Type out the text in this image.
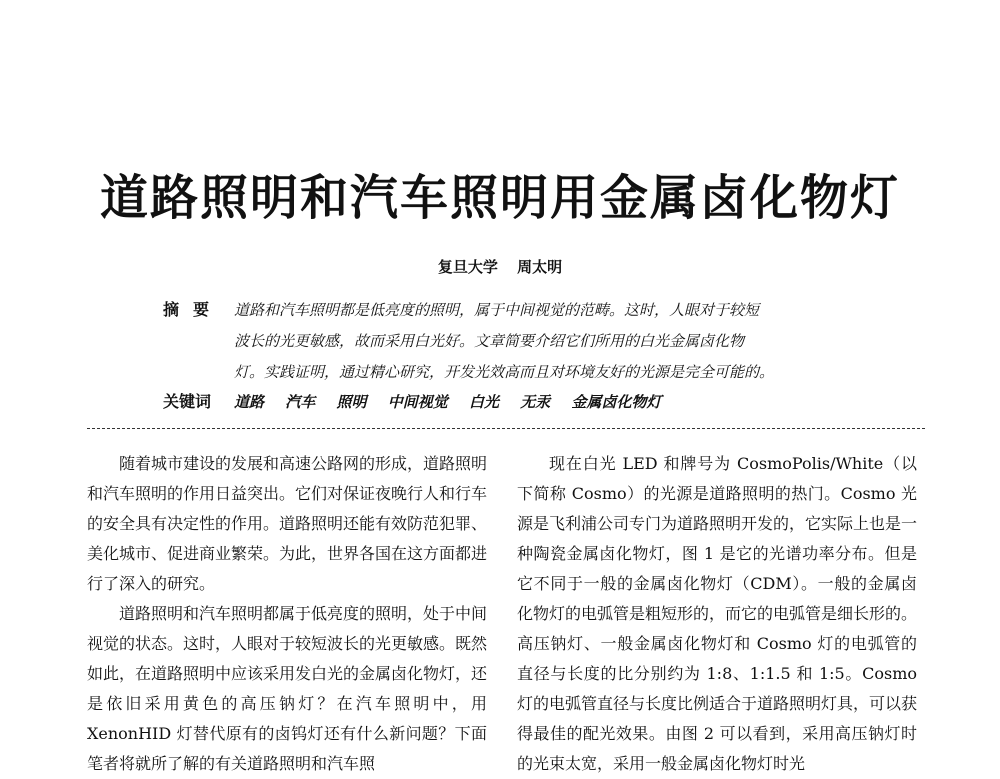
道路照明和汽车照明用金属卤化物灯
复旦大学 周太明
摘要 道路和汽车照明都是低亮度的照明，属于中间视觉的范畴。这时，人眼对于较短
波长的光更敏感，故而采用白光好。文章简要介绍它们所用的白光金属卤化物
灯。实践证明，通过精心研究，开发光效高而且对环境友好的光源是完全可能的。
关键词 道路 汽车 照明 中间视觉 白光 无汞 金属卤化物灯

随着城市建设的发展和高速公路网的形成，道路照明和汽车照明的作用日益突出。它们对保证夜晚行人和行车的安全具有决定性的作用。道路照明还能有效防范犯罪、美化城市、促进商业繁荣。为此，世界各国在这方面都进行了深入的研究。

道路照明和汽车照明都属于低亮度的照明，处于中间视觉的状态。这时，人眼对于较短波长的光更敏感。既然如此，在道路照明中应该采用发白光的金属卤化物灯，还是依旧采用黄色的高压钠灯？在汽车照明中，用 XenonHID 灯替代原有的卤钨灯还有什么新问题？下面笔者将就所了解的有关道路照明和汽车照

现在白光 LED 和牌号为 CosmoPolis/White（以下简称 Cosmo）的光源是道路照明的热门。Cosmo 光源是飞利浦公司专门为道路照明开发的，它实际上也是一种陶瓷金属卤化物灯，图 1 是它的光谱功率分布。但是它不同于一般的金属卤化物灯（CDM）。一般的金属卤化物灯的电弧管是粗短形的，而它的电弧管是细长形的。高压钠灯、一般金属卤化物灯和 Cosmo 灯的电弧管的直径与长度的比分别约为 1:8、1:1.5 和 1:5。Cosmo 灯的电弧管直径与长度比例适合于道路照明灯具，可以获得最佳的配光效果。由图 2 可以看到，采用高压钠灯时的光束太宽，采用一般金属卤化物灯时光
